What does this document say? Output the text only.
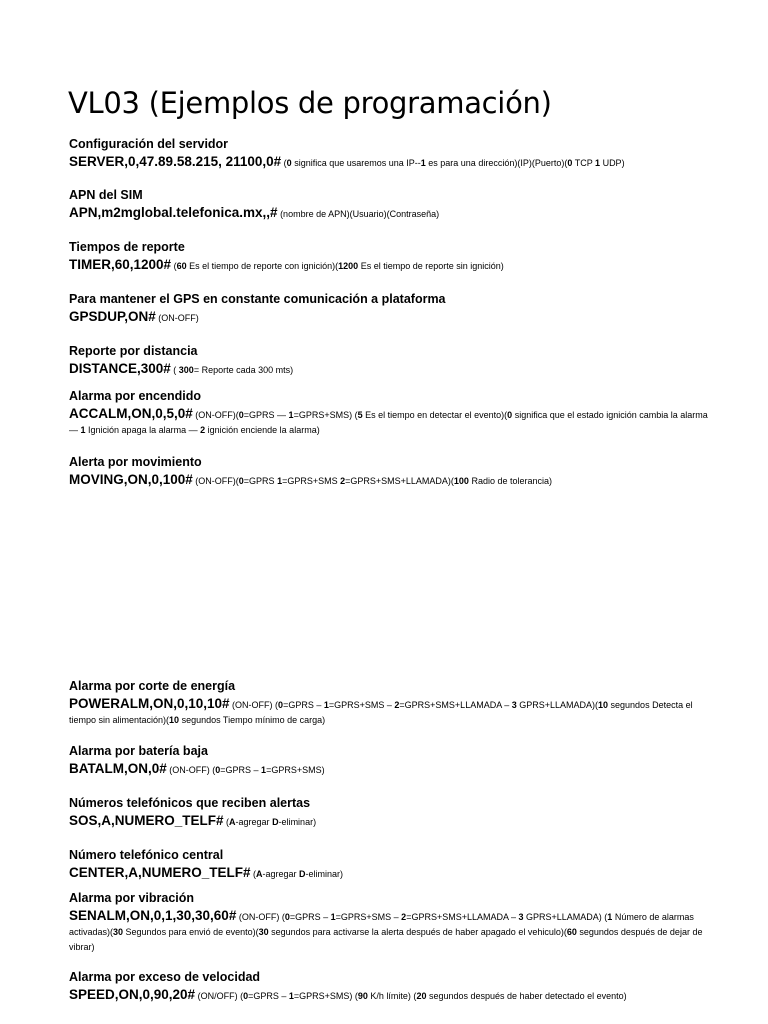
VL03 (Ejemplos de programación)
Configuración del servidor
SERVER,0,47.89.58.215, 21100,0# (0 significa que usaremos una IP--1 es para una dirección)(IP)(Puerto)(0 TCP 1 UDP)
APN del SIM
APN,m2mglobal.telefonica.mx,,# (nombre de APN)(Usuario)(Contraseña)
Tiempos de reporte
TIMER,60,1200# (60 Es el tiempo de reporte con ignición)(1200 Es el tiempo de reporte sin ignición)
Para mantener el GPS en constante comunicación a plataforma
GPSDUP,ON# (ON-OFF)
Reporte por distancia
DISTANCE,300# ( 300= Reporte cada 300 mts)
Alarma por encendido
ACCALM,ON,0,5,0# (ON-OFF)(0=GPRS — 1=GPRS+SMS) (5 Es el tiempo en detectar el evento)(0 significa que el estado ignición cambia la alarma — 1 Ignición apaga la alarma — 2 ignición enciende la alarma)
Alerta por movimiento
MOVING,ON,0,100# (ON-OFF)(0=GPRS 1=GPRS+SMS 2=GPRS+SMS+LLAMADA)(100 Radio de tolerancia)
Alarma por corte de energía
POWERALM,ON,0,10,10# (ON-OFF) (0=GPRS – 1=GPRS+SMS – 2=GPRS+SMS+LLAMADA – 3 GPRS+LLAMADA)(10 segundos Detecta el tiempo sin alimentación)(10 segundos Tiempo mínimo de carga)
Alarma por batería baja
BATALM,ON,0# (ON-OFF) (0=GPRS – 1=GPRS+SMS)
Números telefónicos que reciben alertas
SOS,A,NUMERO_TELF# (A-agregar D-eliminar)
Número telefónico central
CENTER,A,NUMERO_TELF# (A-agregar D-eliminar)
Alarma por vibración
SENALM,ON,0,1,30,30,60# (ON-OFF) (0=GPRS – 1=GPRS+SMS – 2=GPRS+SMS+LLAMADA – 3 GPRS+LLAMADA) (1 Número de alarmas activadas)(30 Segundos para envió de evento)(30 segundos para activarse la alerta después de haber apagado el vehiculo)(60 segundos después de dejar de vibrar)
Alarma por exceso de velocidad
SPEED,ON,0,90,20# (ON/OFF) (0=GPRS – 1=GPRS+SMS) (90 K/h límite) (20 segundos después de haber detectado el evento)
